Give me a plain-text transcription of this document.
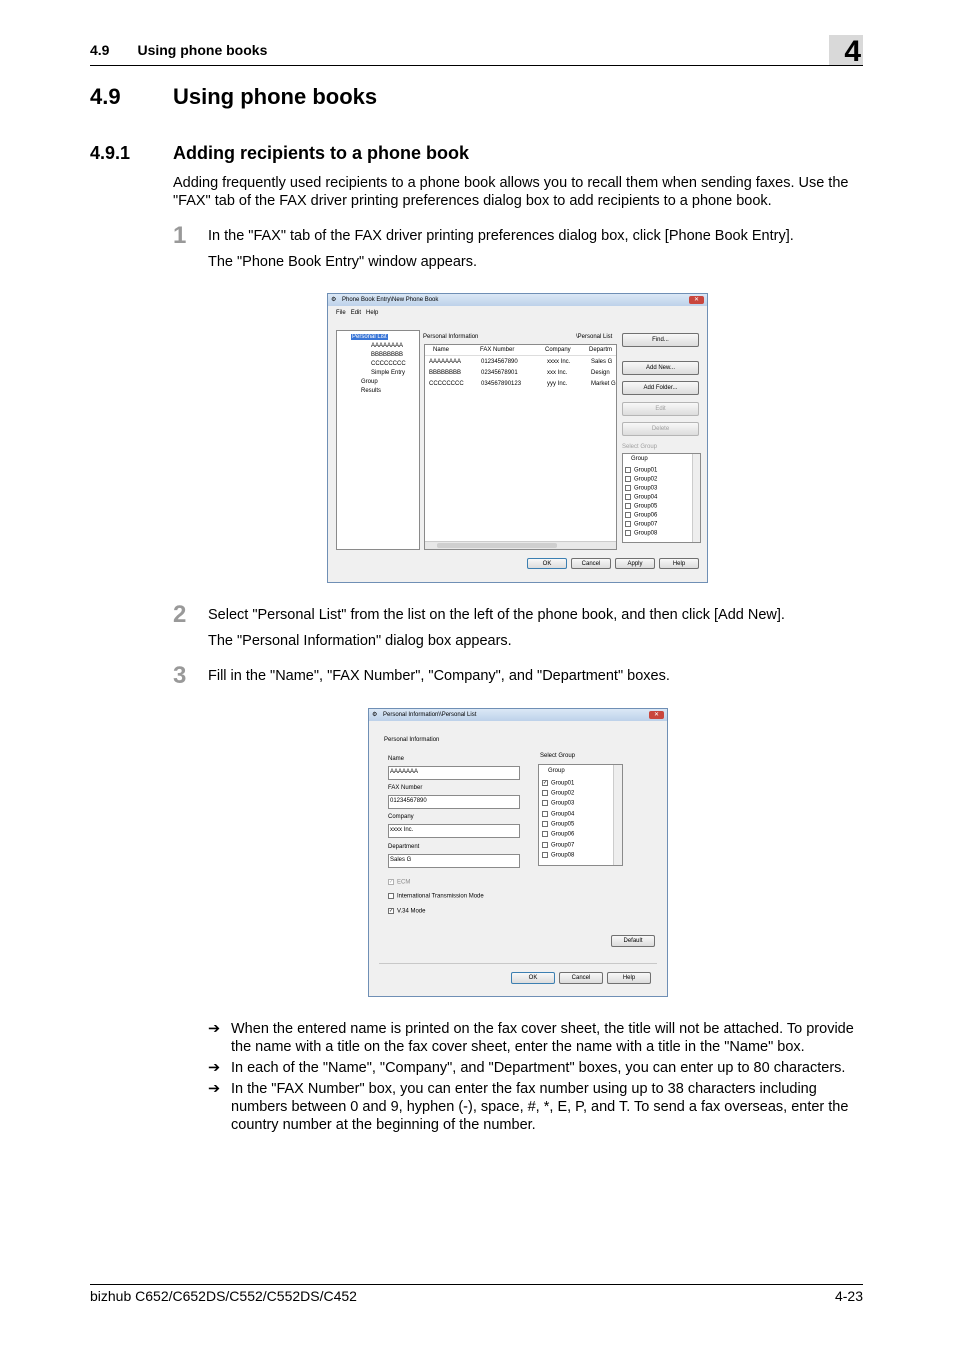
4.9 Using phone books	4
4.9 Using phone books
4.9.1 Adding recipients to a phone book
Adding frequently used recipients to a phone book allows you to recall them when sending faxes. Use the "FAX" tab of the FAX driver printing preferences dialog box to add recipients to a phone book.
1 In the "FAX" tab of the FAX driver printing preferences dialog box, click [Phone Book Entry].
The "Phone Book Entry" window appears.
⚙ Phone Book Entry\New Phone Book	✕
File Edit Help
Personal List
AAAAAAAA
BBBBBBBB
CCCCCCCC
Simple Entry
Group
Results
Personal Information	\Personal List
Name	FAX Number	Company	Departm
AAAAAAAA	01234567890	xxxx Inc.	Sales G
BBBBBBBB	02345678901	xxx Inc.	Design
CCCCCCCC	034567890123	yyy Inc.	Market G
Find...
Add New...
Add Folder...
Edit
Delete
Select Group
Group
Group01
Group02
Group03
Group04
Group05
Group06
Group07
Group08
OK	Cancel	Apply	Help
2 Select "Personal List" from the list on the left of the phone book, and then click [Add New].
The "Personal Information" dialog box appears.
3 Fill in the "Name", "FAX Number", "Company", and "Department" boxes.
⚙ Personal Information\\Personal List	✕
Personal Information
Name
AAAAAAA
FAX Number
01234567890
Company
xxxx Inc.
Department
Sales G
Select Group
Group
✓ Group01
Group02
Group03
Group04
Group05
Group06
Group07
Group08
✓ ECM
International Transmission Mode
✓ V.34 Mode
Default
OK	Cancel	Help
➔ When the entered name is printed on the fax cover sheet, the title will not be attached. To provide the name with a title on the fax cover sheet, enter the name with a title in the "Name" box.
➔ In each of the "Name", "Company", and "Department" boxes, you can enter up to 80 characters.
➔ In the "FAX Number" box, you can enter the fax number using up to 38 characters including numbers between 0 and 9, hyphen (-), space, #, *, E, P, and T. To send a fax overseas, enter the country number at the beginning of the number.
bizhub C652/C652DS/C552/C552DS/C452	4-23
